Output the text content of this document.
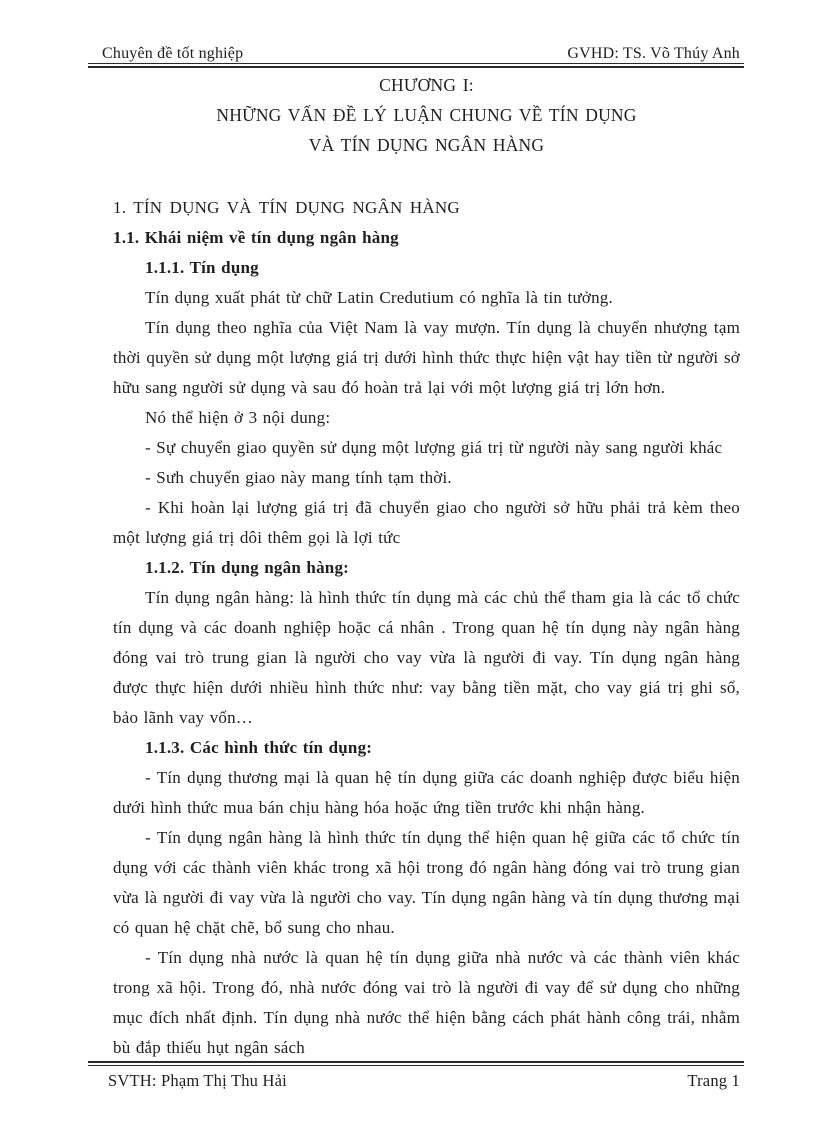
Chuyên đề tốt nghiệp	GVHD: TS. Võ Thúy Anh
CHƯƠNG I:
NHỮNG VẤN ĐỀ LÝ LUẬN CHUNG VỀ TÍN DỤNG
VÀ TÍN DỤNG NGÂN HÀNG
1. TÍN DỤNG VÀ TÍN DỤNG NGÂN HÀNG
1.1. Khái niệm về tín dụng ngân hàng
1.1.1. Tín dụng
Tín dụng xuất phát từ chữ Latin Credutium có nghĩa là tin tưởng.
Tín dụng theo nghĩa của Việt Nam là vay mượn. Tín dụng là chuyển nhượng tạm thời quyền sử dụng một lượng giá trị dưới hình thức thực hiện vật hay tiền từ người sở hữu sang người sử dụng và sau đó hoàn trả lại với một lượng giá trị lớn hơn.
Nó thể hiện ở 3 nội dung:
- Sự chuyển giao quyền sử dụng một lượng giá trị từ người này sang người khác
- Sưh chuyển giao này mang tính tạm thời.
- Khi hoàn lại lượng giá trị đã chuyển giao cho người sở hữu phải trả kèm theo một lượng giá trị dôi thêm gọi là lợi tức
1.1.2. Tín dụng ngân hàng:
Tín dụng ngân hàng: là hình thức tín dụng mà các chủ thể tham gia là các tổ chức tín dụng và các doanh nghiệp hoặc cá nhân . Trong quan hệ tín dụng này ngân hàng đóng vai trò trung gian là người cho vay vừa là người đi vay. Tín dụng ngân hàng được thực hiện dưới nhiều hình thức như: vay bằng tiền mặt, cho vay giá trị ghi sổ, bảo lãnh vay vốn…
1.1.3. Các hình thức tín dụng:
- Tín dụng thương mại là quan hệ tín dụng giữa các doanh nghiệp được biểu hiện dưới hình thức mua bán chịu hàng hóa hoặc ứng tiền trước khi nhận hàng.
- Tín dụng ngân hàng là hình thức tín dụng thể hiện quan hệ giữa các tổ chức tín dụng với các thành viên khác trong xã hội trong đó ngân hàng đóng vai trò trung gian vừa là người đi vay vừa là người cho vay. Tín dụng ngân hàng và tín dụng thương mại có quan hệ chặt chẽ, bổ sung cho nhau.
- Tín dụng nhà nước là quan hệ tín dụng giữa nhà nước và các thành viên khác trong xã hội. Trong đó, nhà nước đóng vai trò là người đi vay để sử dụng cho những mục đích nhất định. Tín dụng nhà nước thể hiện bằng cách phát hành công trái, nhằm bù đắp thiếu hụt ngân sách
SVTH: Phạm Thị Thu Hải	Trang 1
